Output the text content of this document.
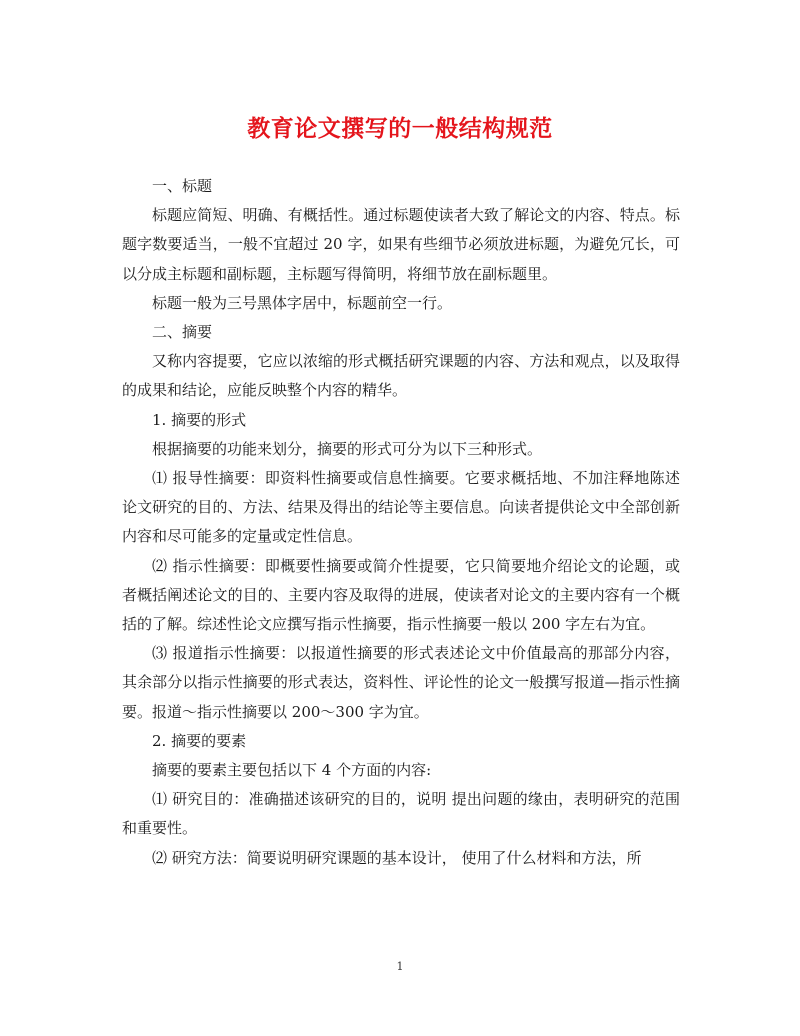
教育论文撰写的一般结构规范

一、标题

标题应简短、明确、有概括性。通过标题使读者大致了解论文的内容、特点。标题字数要适当，一般不宜超过 20 字，如果有些细节必须放进标题，为避免冗长，可以分成主标题和副标题，主标题写得简明，将细节放在副标题里。

标题一般为三号黑体字居中，标题前空一行。

二、摘要

又称内容提要，它应以浓缩的形式概括研究课题的内容、方法和观点，以及取得的成果和结论，应能反映整个内容的精华。

1. 摘要的形式

根据摘要的功能来划分，摘要的形式可分为以下三种形式。

⑴ 报导性摘要：即资料性摘要或信息性摘要。它要求概括地、不加注释地陈述论文研究的目的、方法、结果及得出的结论等主要信息。向读者提供论文中全部创新内容和尽可能多的定量或定性信息。

⑵ 指示性摘要：即概要性摘要或简介性提要，它只简要地介绍论文的论题，或者概括阐述论文的目的、主要内容及取得的进展，使读者对论文的主要内容有一个概括的了解。综述性论文应撰写指示性摘要，指示性摘要一般以 200 字左右为宜。

⑶ 报道指示性摘要：以报道性摘要的形式表述论文中价值最高的那部分内容，其余部分以指示性摘要的形式表达，资料性、评论性的论文一般撰写报道—指示性摘要。报道～指示性摘要以 200～300 字为宜。

2. 摘要的要素

摘要的要素主要包括以下 4 个方面的内容:

⑴ 研究目的：准确描述该研究的目的，说明 提出问题的缘由，表明研究的范围和重要性。

⑵ 研究方法：简要说明研究课题的基本设计， 使用了什么材料和方法，所

1
